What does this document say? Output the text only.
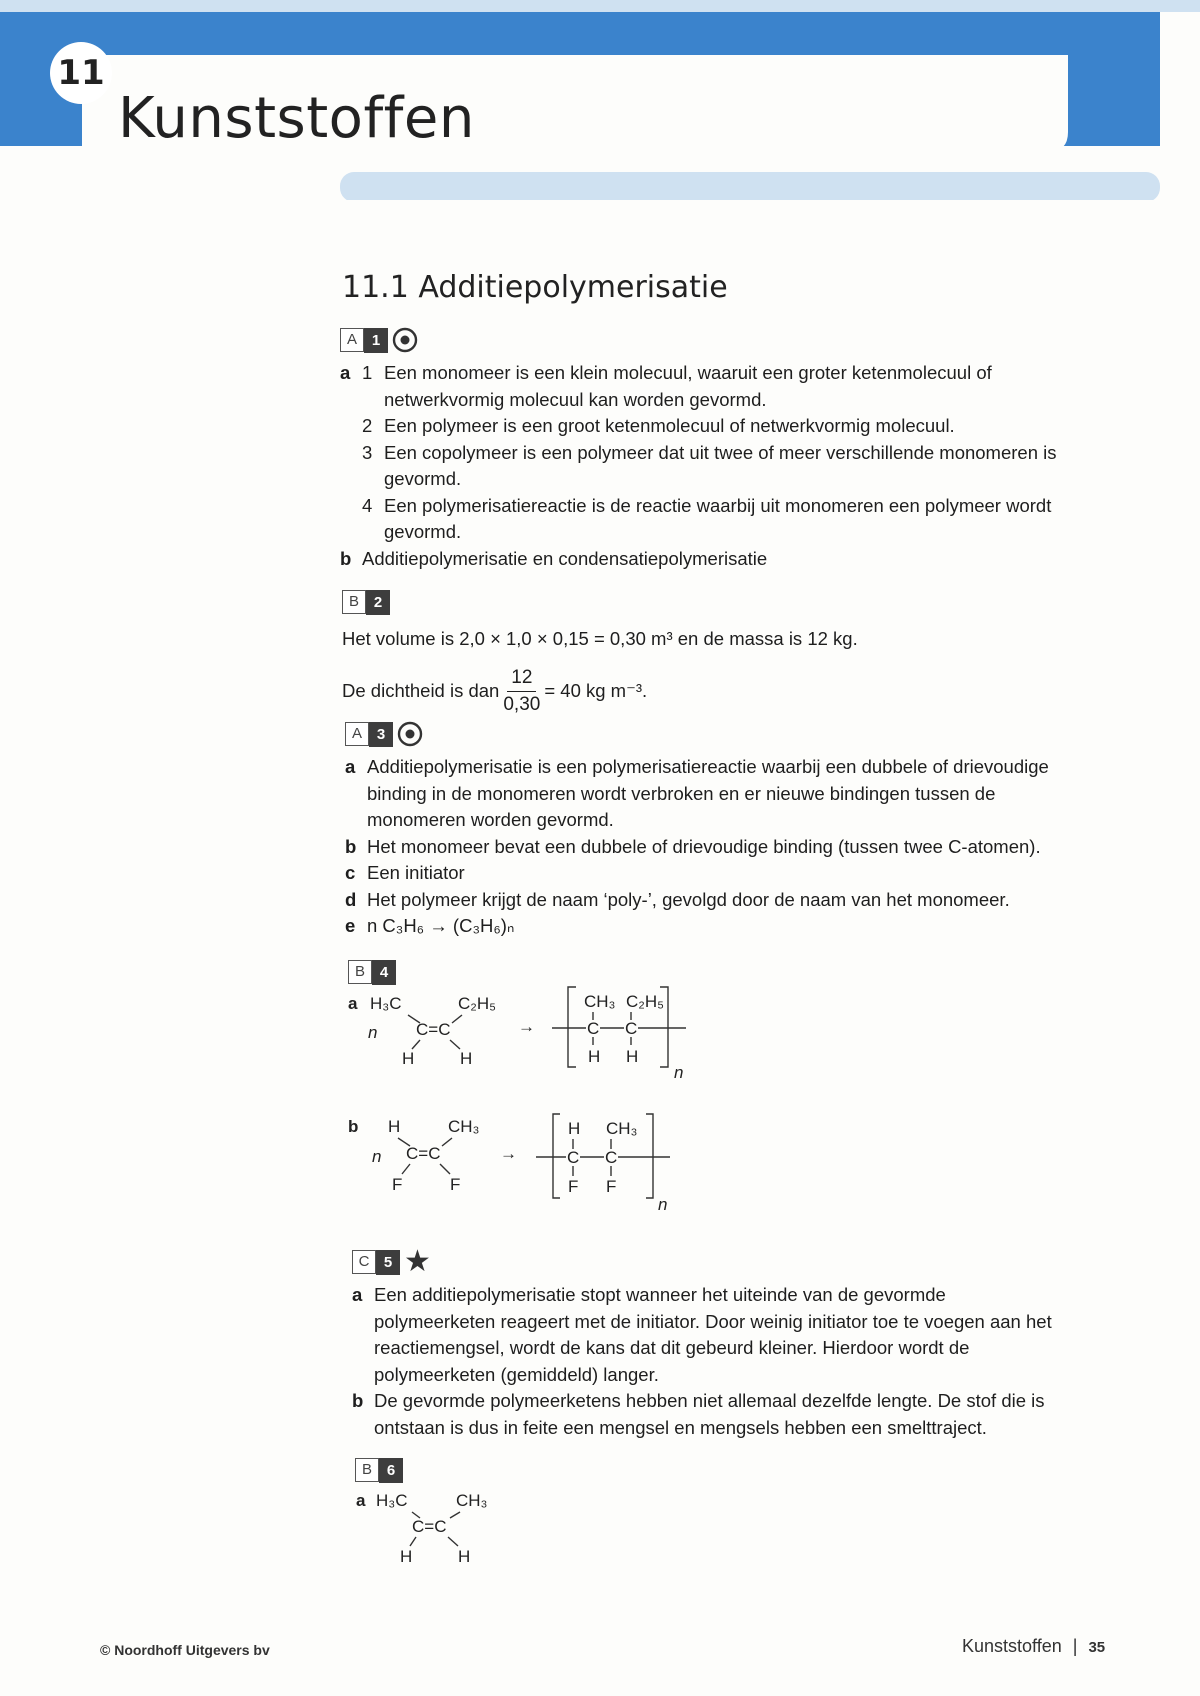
11
Kunststoffen
11.1 Additiepolymerisatie
A 1
a 1 Een monomeer is een klein molecuul, waaruit een groter ketenmolecuul of netwerkvormig molecuul kan worden gevormd.
2 Een polymeer is een groot ketenmolecuul of netwerkvormig molecuul.
3 Een copolymeer is een polymeer dat uit twee of meer verschillende monomeren is gevormd.
4 Een polymerisatiereactie is de reactie waarbij uit monomeren een polymeer wordt gevormd.
b Additiepolymerisatie en condensatiepolymerisatie
B 2
Het volume is 2,0 × 1,0 × 0,15 = 0,30 m³ en de massa is 12 kg.
De dichtheid is dan $\frac{12}{0,30} = 40$ kg m⁻³.
A 3
a Additiepolymerisatie is een polymerisatiereactie waarbij een dubbele of drievoudige binding in de monomeren wordt verbroken en er nieuwe bindingen tussen de monomeren worden gevormd.
b Het monomeer bevat een dubbele of drievoudige binding (tussen twee C-atomen).
c Een initiator
d Het polymeer krijgt de naam ‘poly-’, gevolgd door de naam van het monomeer.
e n C₃H₆ → (C₃H₆)ₙ
B 4
a H₃C	C₂H₅
n C=C
H	H
→
CH₃ C₂H₅
C C
H H
n
b H	CH₃
n C=C
F	F
→
H CH₃
C C
F F
n
C 5 ★
a Een additiepolymerisatie stopt wanneer het uiteinde van de gevormde polymeerketen reageert met de initiator. Door weinig initiator toe te voegen aan het reactiemengsel, wordt de kans dat dit gebeurd kleiner. Hierdoor wordt de polymeerketen (gemiddeld) langer.
b De gevormde polymeerketens hebben niet allemaal dezelfde lengte. De stof die is ontstaan is dus in feite een mengsel en mengsels hebben een smelttraject.
B 6
a H₃C	CH₃
C=C
H	H
© Noordhoff Uitgevers bv	Kunststoffen | 35
